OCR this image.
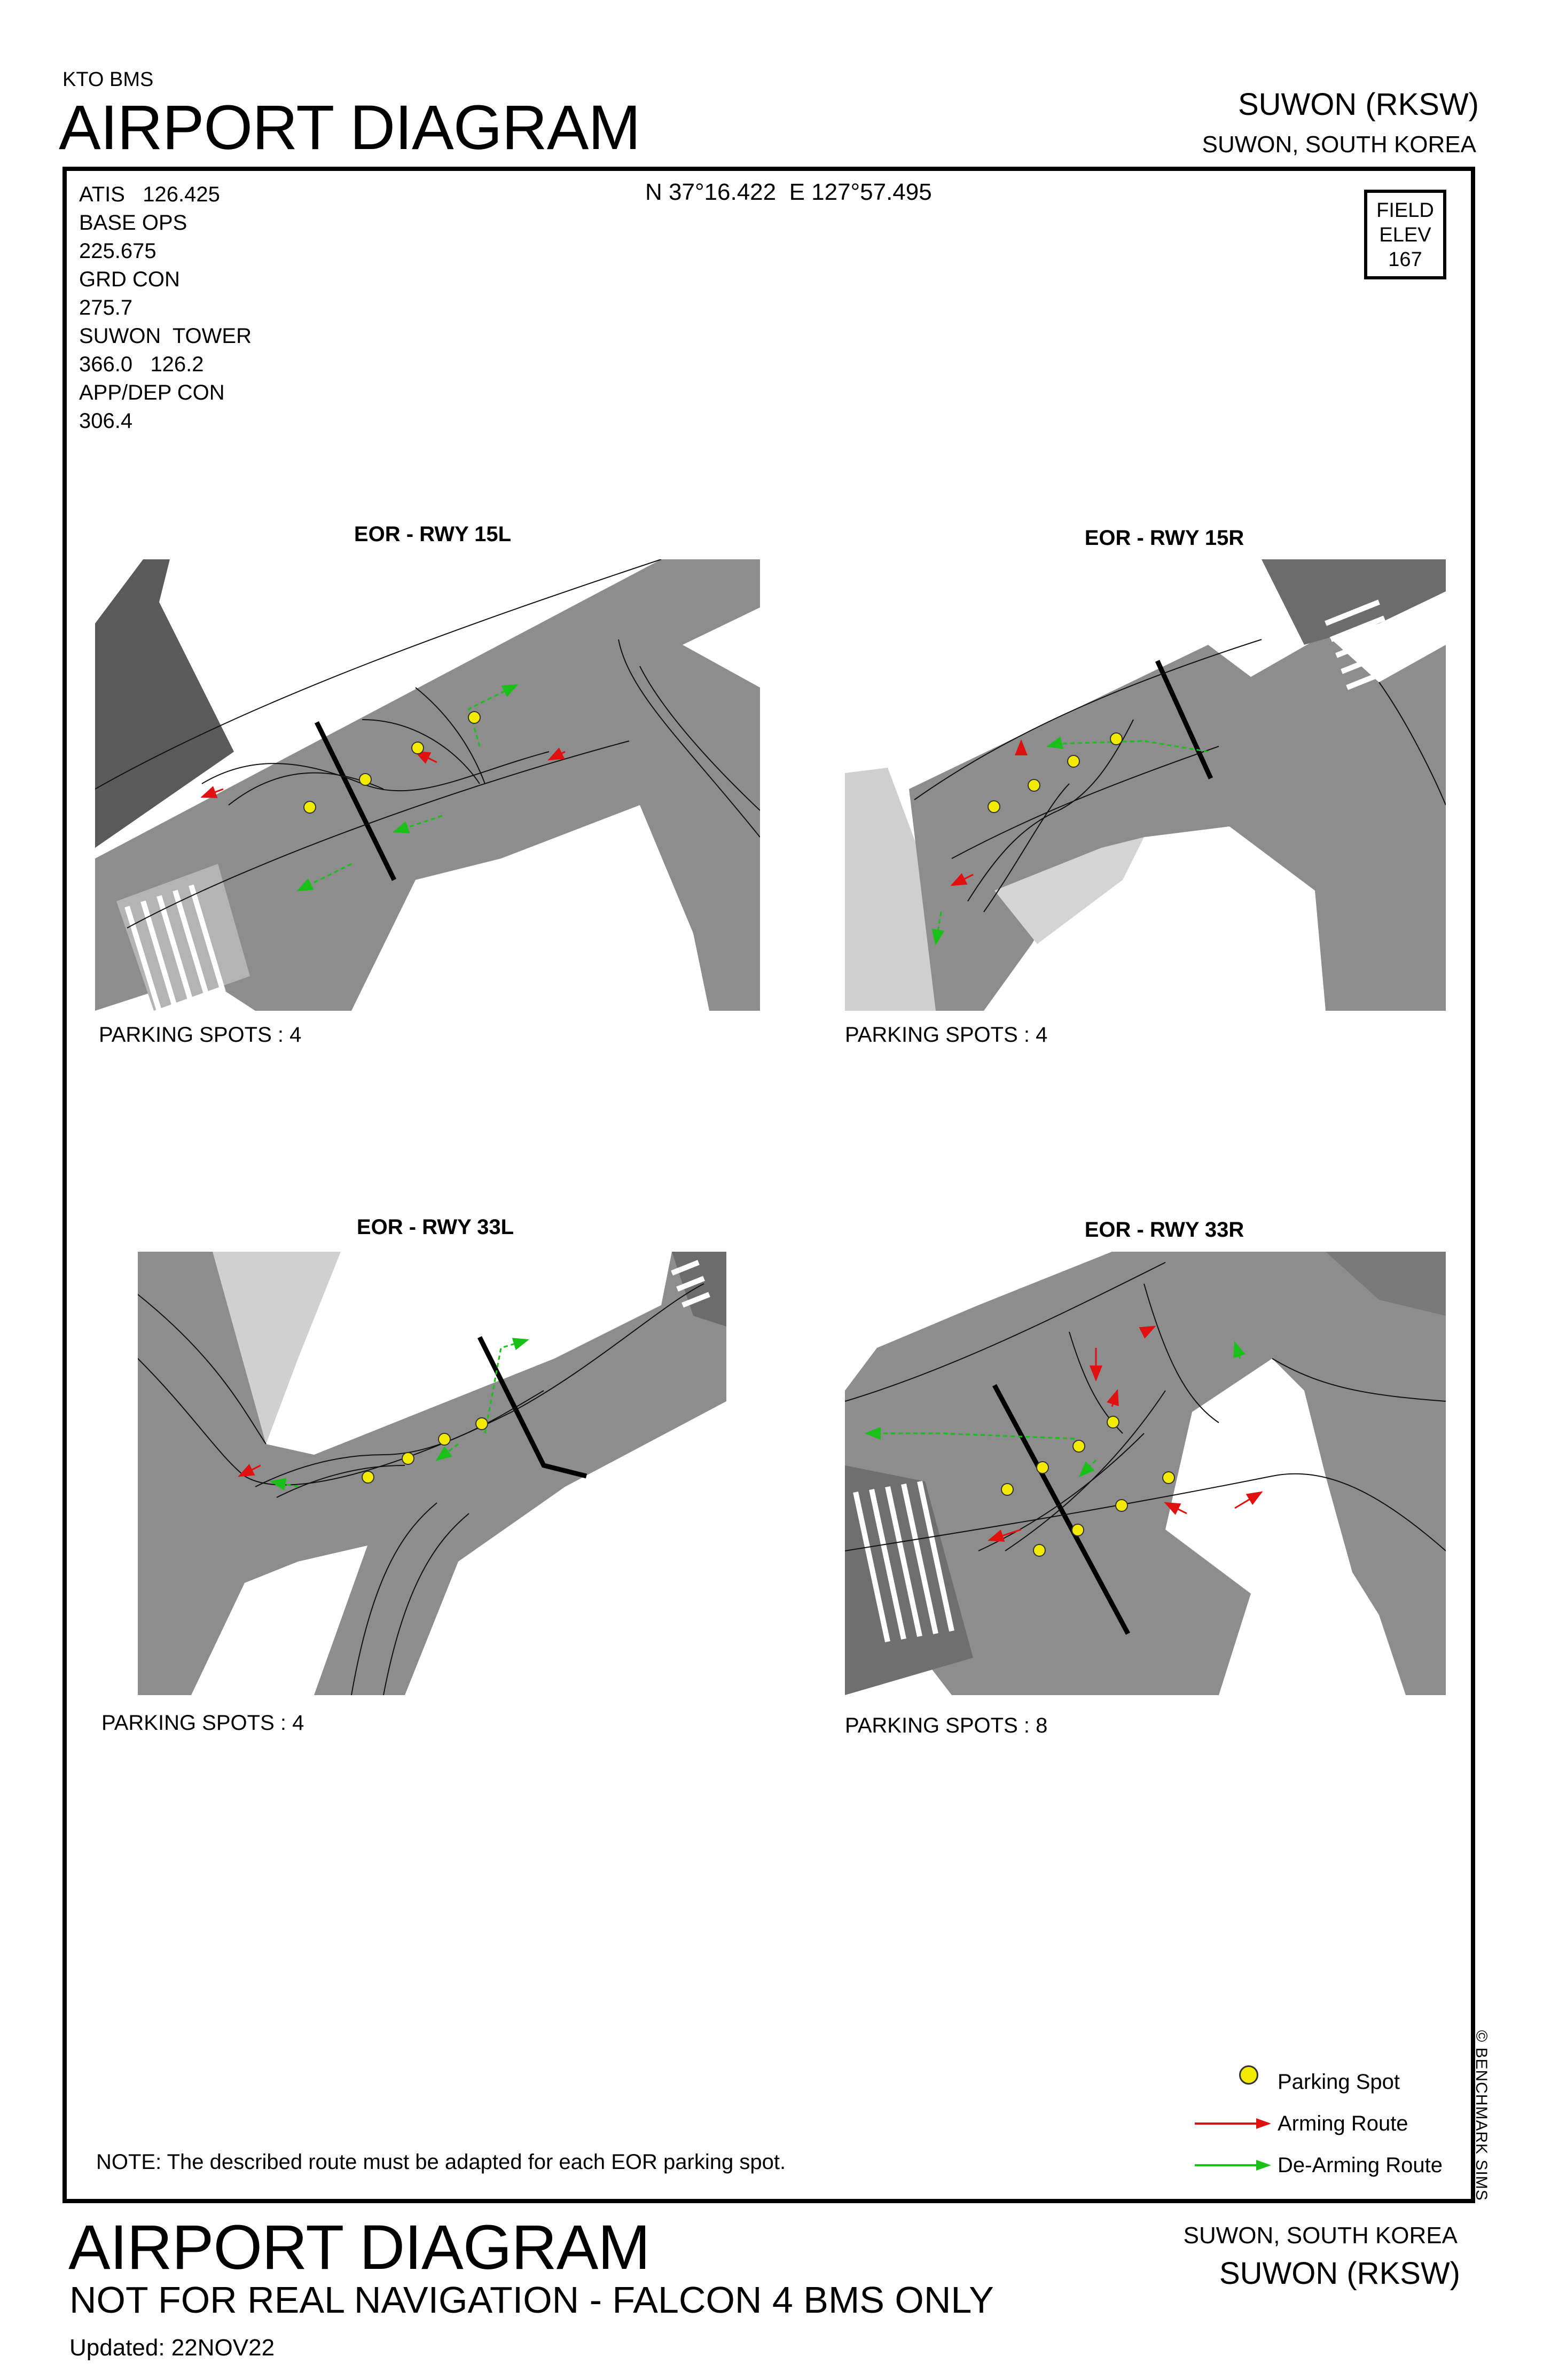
KTO BMS
AIRPORT DIAGRAM	SUWON (RKSW)
SUWON, SOUTH KOREA
ATIS   126.425
BASE OPS
225.675
GRD CON
275.7
SUWON  TOWER
366.0   126.2
APP/DEP CON
306.4
N 37°16.422  E 127°57.495
FIELD
ELEV
167
EOR - RWY 15L	EOR - RWY 15R
EOR - RWY 33L	EOR - RWY 33R
PARKING SPOTS : 4	PARKING SPOTS : 4
PARKING SPOTS : 4	PARKING SPOTS : 8
Parking Spot
Arming Route
De-Arming Route
NOTE: The described route must be adapted for each EOR parking spot.	© BENCHMARK SIMS
AIRPORT DIAGRAM
NOT FOR REAL NAVIGATION - FALCON 4 BMS ONLY
Updated: 22NOV22
SUWON, SOUTH KOREA
SUWON (RKSW)
